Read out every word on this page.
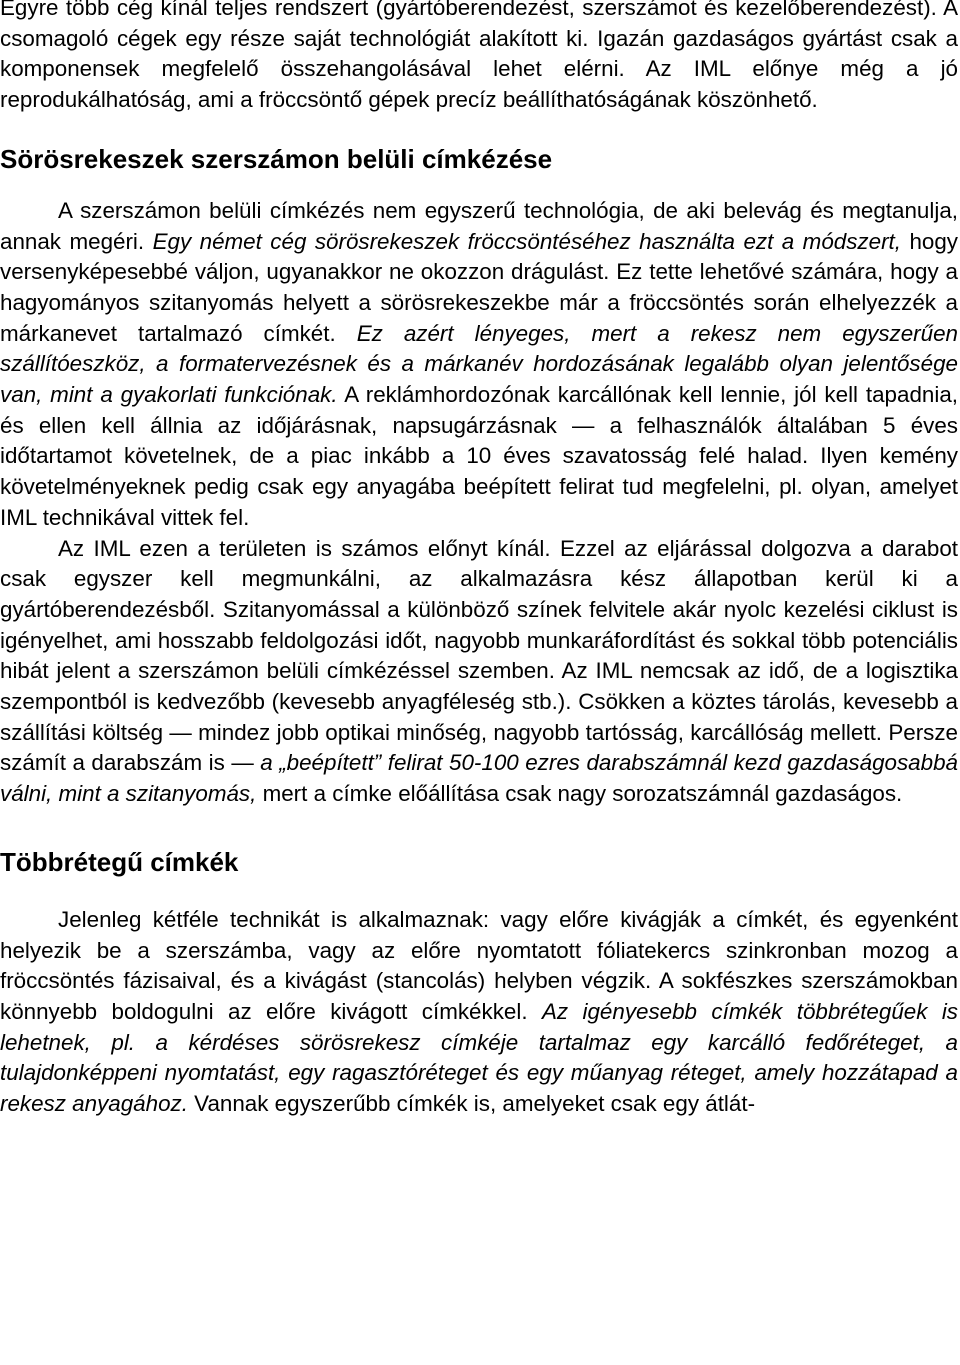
Egyre több cég kínál teljes rendszert (gyártóberendezést, szerszámot és kezelőberendezést). A csomagoló cégek egy része saját technológiát alakított ki. Igazán gazdaságos gyártást csak a komponensek megfelelő összehangolásával lehet elérni. Az IML előnye még a jó reprodukálhatóság, ami a fröccsöntő gépek precíz beállíthatóságának köszönhető.

Sörösrekeszek szerszámon belüli címkézése

A szerszámon belüli címkézés nem egyszerű technológia, de aki belevág és megtanulja, annak megéri. Egy német cég sörösrekeszek fröccsöntéséhez használta ezt a módszert, hogy versenyképesebbé váljon, ugyanakkor ne okozzon drágulást. Ez tette lehetővé számára, hogy a hagyományos szitanyomás helyett a sörösrekeszekbe már a fröccsöntés során elhelyezzék a márkanevet tartalmazó címkét. Ez azért lényeges, mert a rekesz nem egyszerűen szállítóeszköz, a formatervezésnek és a márkanév hordozásának legalább olyan jelentősége van, mint a gyakorlati funkciónak. A reklámhordozónak karcállónak kell lennie, jól kell tapadnia, és ellen kell állnia az időjárásnak, napsugárzásnak — a felhasználók általában 5 éves időtartamot követelnek, de a piac inkább a 10 éves szavatosság felé halad. Ilyen kemény követelményeknek pedig csak egy anyagába beépített felirat tud megfelelni, pl. olyan, amelyet IML technikával vittek fel.

Az IML ezen a területen is számos előnyt kínál. Ezzel az eljárással dolgozva a darabot csak egyszer kell megmunkálni, az alkalmazásra kész állapotban kerül ki a gyártóberendezésből. Szitanyomással a különböző színek felvitele akár nyolc kezelési ciklust is igényelhet, ami hosszabb feldolgozási időt, nagyobb munkaráfordítást és sokkal több potenciális hibát jelent a szerszámon belüli címkézéssel szemben. Az IML nemcsak az idő, de a logisztika szempontból is kedvezőbb (kevesebb anyagféleség stb.). Csökken a köztes tárolás, kevesebb a szállítási költség — mindez jobb optikai minőség, nagyobb tartósság, karcállóság mellett. Persze számít a darabszám is — a „beépített” felirat 50-100 ezres darabszámnál kezd gazdaságosabbá válni, mint a szitanyomás, mert a címke előállítása csak nagy sorozatszámnál gazdaságos.

Többrétegű címkék

Jelenleg kétféle technikát is alkalmaznak: vagy előre kivágják a címkét, és egyenként helyezik be a szerszámba, vagy az előre nyomtatott fóliatekercs szinkronban mozog a fröccsöntés fázisaival, és a kivágást (stancolás) helyben végzik. A sokfészkes szerszámokban könnyebb boldogulni az előre kivágott címkékkel. Az igényesebb címkék többrétegűek is lehetnek, pl. a kérdéses sörösrekesz címkéje tartalmaz egy karcálló fedőréteget, a tulajdonképpeni nyomtatást, egy ragasztóréteget és egy műanyag réteget, amely hozzátapad a rekesz anyagához. Vannak egyszerűbb címkék is, amelyeket csak egy átlát-
